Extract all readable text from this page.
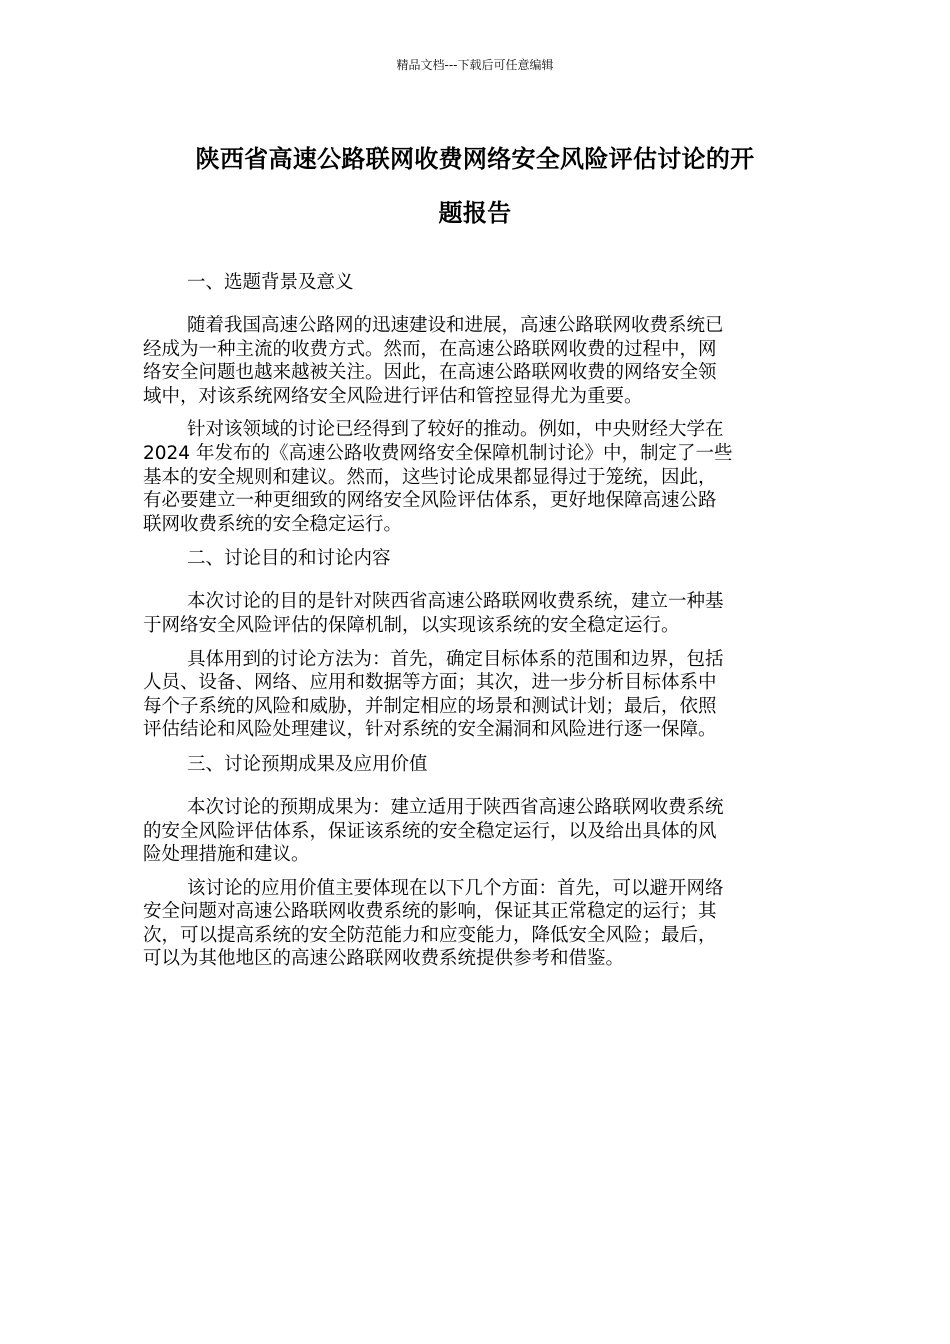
精品文档---下载后可任意编辑
陕西省高速公路联网收费网络安全风险评估讨论的开
题报告

一、选题背景及意义

随着我国高速公路网的迅速建设和进展，高速公路联网收费系统已
经成为一种主流的收费方式。然而，在高速公路联网收费的过程中，网
络安全问题也越来越被关注。因此，在高速公路联网收费的网络安全领
域中，对该系统网络安全风险进行评估和管控显得尤为重要。

针对该领域的讨论已经得到了较好的推动。例如，中央财经大学在
2024 年发布的《高速公路收费网络安全保障机制讨论》中，制定了一些
基本的安全规则和建议。然而，这些讨论成果都显得过于笼统，因此，
有必要建立一种更细致的网络安全风险评估体系，更好地保障高速公路
联网收费系统的安全稳定运行。

二、讨论目的和讨论内容

本次讨论的目的是针对陕西省高速公路联网收费系统，建立一种基
于网络安全风险评估的保障机制，以实现该系统的安全稳定运行。

具体用到的讨论方法为：首先，确定目标体系的范围和边界，包括
人员、设备、网络、应用和数据等方面；其次，进一步分析目标体系中
每个子系统的风险和威胁，并制定相应的场景和测试计划；最后，依照
评估结论和风险处理建议，针对系统的安全漏洞和风险进行逐一保障。

三、讨论预期成果及应用价值

本次讨论的预期成果为：建立适用于陕西省高速公路联网收费系统
的安全风险评估体系，保证该系统的安全稳定运行，以及给出具体的风
险处理措施和建议。

该讨论的应用价值主要体现在以下几个方面：首先，可以避开网络
安全问题对高速公路联网收费系统的影响，保证其正常稳定的运行；其
次，可以提高系统的安全防范能力和应变能力，降低安全风险；最后，
可以为其他地区的高速公路联网收费系统提供参考和借鉴。
